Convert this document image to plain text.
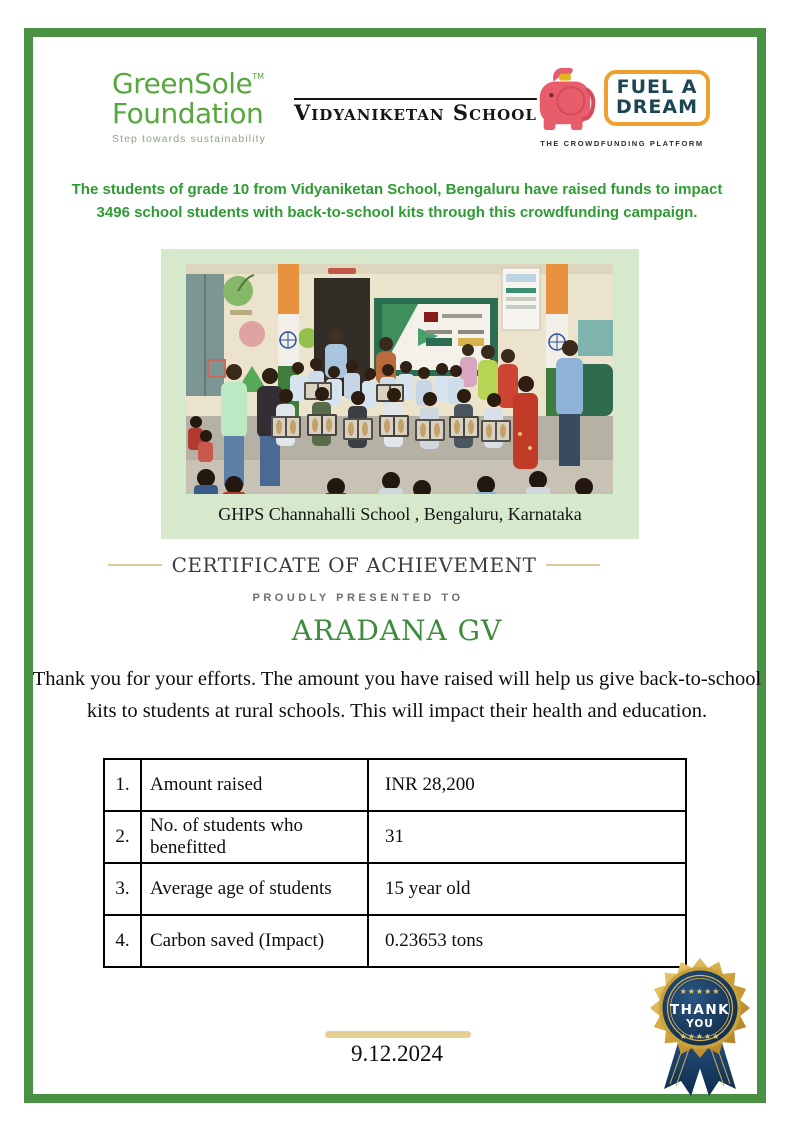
GreenSole™
Foundation
Step towards sustainability
Vidyaniketan School
FUEL A
DREAM
THE CROWDFUNDING PLATFORM
The students of grade 10 from Vidyaniketan School, Bengaluru have raised funds to impact 3496 school students with back-to-school kits through this crowdfunding campaign.
GHPS Channahalli School , Bengaluru, Karnataka
CERTIFICATE OF ACHIEVEMENT
PROUDLY PRESENTED TO
ARADANA GV
Thank you for your efforts. The amount you have raised will help us give back-to-school kits to students at rural schools. This will impact their health and education.
1.	Amount raised	INR 28,200
2.	No. of students who benefitted	31
3.	Average age of students	15 year old
4.	Carbon saved (Impact)	0.23653 tons
9.12.2024
★★★★★
THANK
YOU
★★★★★
